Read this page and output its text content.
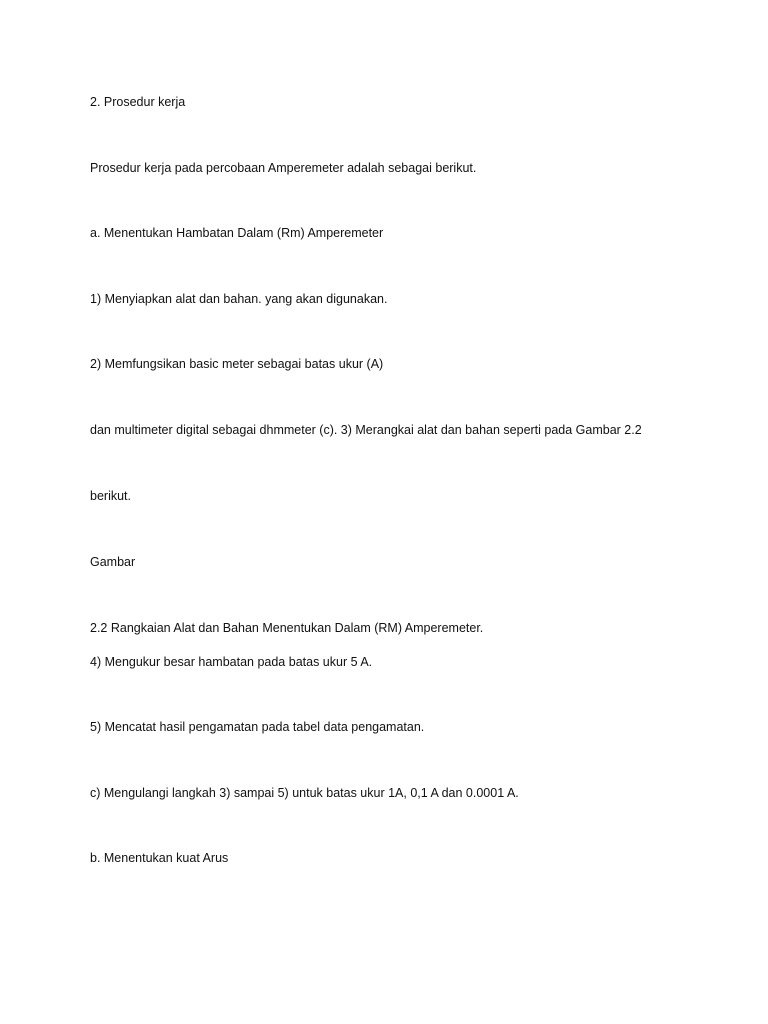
2. Prosedur kerja

Prosedur kerja pada percobaan Amperemeter adalah sebagai berikut.

a. Menentukan Hambatan Dalam (Rm) Amperemeter

1) Menyiapkan alat dan bahan. yang akan digunakan.

2) Memfungsikan basic meter sebagai batas ukur (A)

dan multimeter digital sebagai dhmmeter (c). 3) Merangkai alat dan bahan seperti pada Gambar 2.2

berikut.

Gambar

2.2 Rangkaian Alat dan Bahan Menentukan Dalam (RM) Amperemeter.

4) Mengukur besar hambatan pada batas ukur 5 A.

5) Mencatat hasil pengamatan pada tabel data pengamatan.

c) Mengulangi langkah 3) sampai 5) untuk batas ukur 1A, 0,1 A dan 0.0001 A.

b. Menentukan kuat Arus
